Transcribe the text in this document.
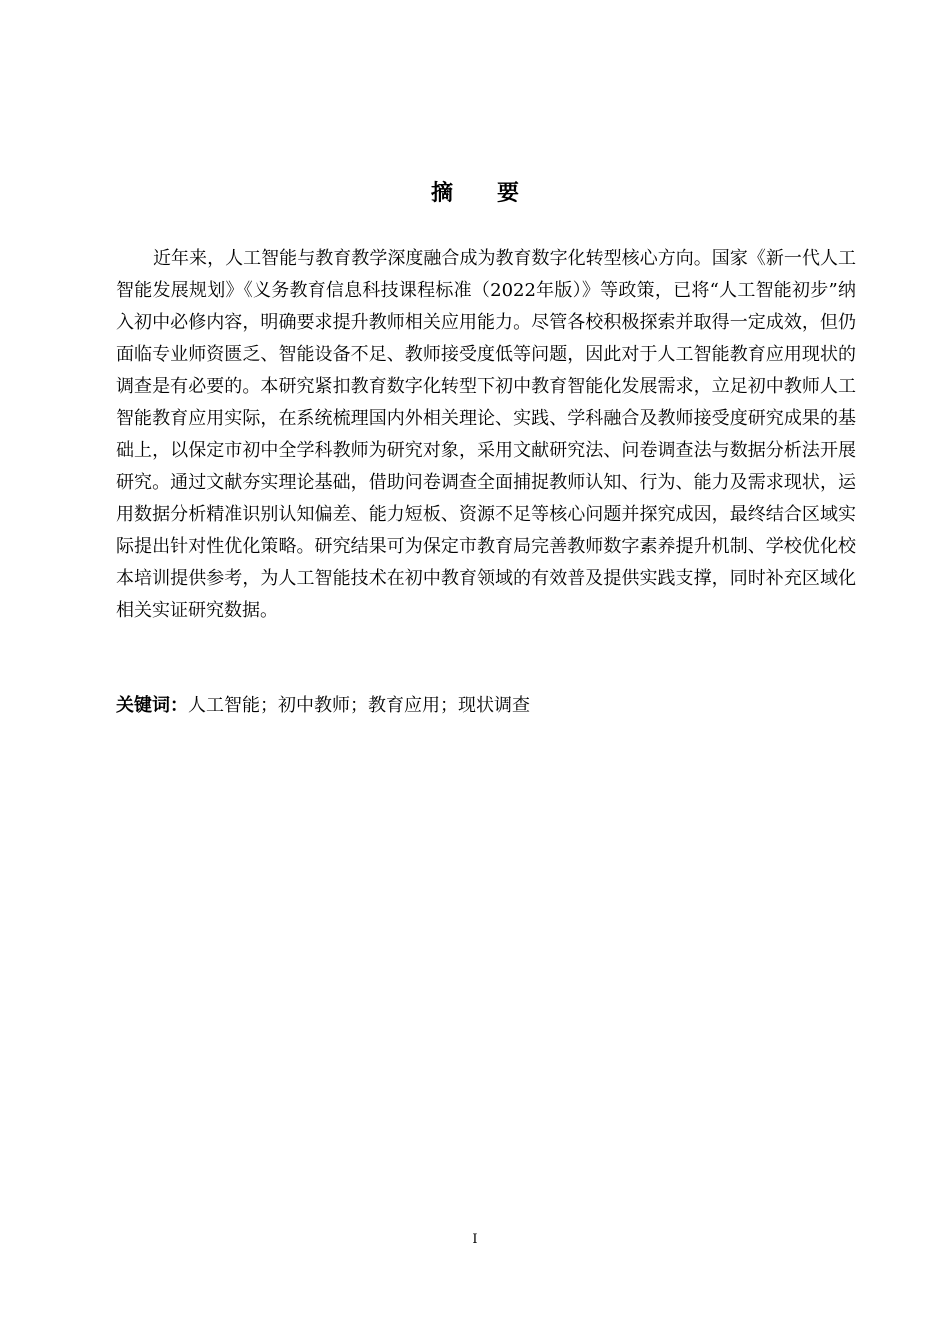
摘 要

近年来，人工智能与教育教学深度融合成为教育数字化转型核心方向。国家《新一代人工智能发展规划》《义务教育信息科技课程标准（2022年版）》等政策，已将“人工智能初步”纳入初中必修内容，明确要求提升教师相关应用能力。尽管各校积极探索并取得一定成效，但仍面临专业师资匮乏、智能设备不足、教师接受度低等问题，因此对于人工智能教育应用现状的调查是有必要的。本研究紧扣教育数字化转型下初中教育智能化发展需求，立足初中教师人工智能教育应用实际，在系统梳理国内外相关理论、实践、学科融合及教师接受度研究成果的基础上，以保定市初中全学科教师为研究对象，采用文献研究法、问卷调查法与数据分析法开展研究。通过文献夯实理论基础，借助问卷调查全面捕捉教师认知、行为、能力及需求现状，运用数据分析精准识别认知偏差、能力短板、资源不足等核心问题并探究成因，最终结合区域实际提出针对性优化策略。研究结果可为保定市教育局完善教师数字素养提升机制、学校优化校本培训提供参考，为人工智能技术在初中教育领域的有效普及提供实践支撑，同时补充区域化相关实证研究数据。

关键词：人工智能；初中教师；教育应用；现状调查

I
